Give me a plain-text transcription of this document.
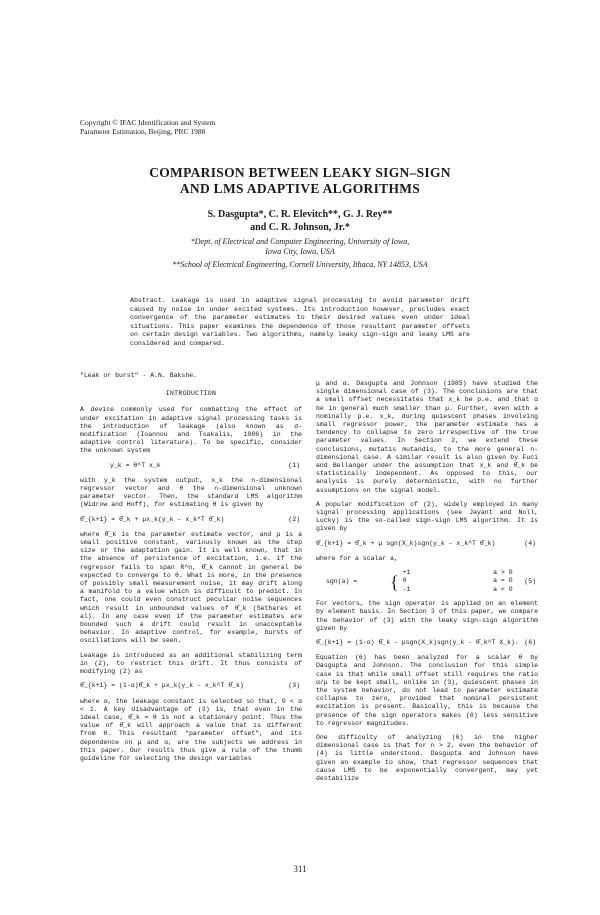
Copyright © IFAC Identification and System
Parameter Estimation, Beijing, PRC 1988
COMPARISON BETWEEN LEAKY SIGN–SIGN
AND LMS ADAPTIVE ALGORITHMS
S. Dasgupta*, C. R. Elevitch**, G. J. Rey**
and C. R. Johnson, Jr.*
*Dept. of Electrical and Computer Engineering, University of Iowa,
Iowa City, Iowa, USA
**School of Electrical Engineering, Cornell University, Ithaca, NY 14853, USA
Abstract. Leakage is used in adaptive signal processing to avoid parameter drift caused by noise in under excited systems. Its introduction however, precludes exact convergence of the parameter estimates to their desired values even under ideal situations. This paper examines the dependence of those resultant parameter offsets on certain design variables. Two algorithms, namely leaky sign-sign and leaky LMS are considered and compared.

"Leak or burst" - A.N. Bakshe.

INTRODUCTION

A device commonly used for combatting the effect of under excitation in adaptive signal processing tasks is the introduction of leakage (also known as σ-modification (Ioannou and Tsakalis, 1986) in the adaptive control literature). To be specific, consider the unknown system

y_k = θ^T x_k	(1)

with y_k the system output, x_k the n-dimensional regressor vector and θ the n-dimensional unknown parameter vector. Then, the standard LMS algorithm (Widrow and Hoff), for estimating θ is given by

θ̂_{k+1} = θ̂_k + μx_k(y_k - x_k^T θ̂_k)	(2)

where θ̂_k is the parameter estimate vector, and μ is a small positive constant, variously known as the step size or the adaptation gain. It is well known, that in the absence of persistence of excitation, i.e. if the regressor fails to span R^n, θ̂_k cannot in general be expected to converge to θ. What is more, in the presence of possibly small measurement noise, it may drift along a manifold to a value which is difficult to predict. In fact, one could even construct peculiar noise sequences which result in unbounded values of θ̂_k (Sethares et al). In any case even if the parameter estimates are bounded such a drift could result in unacceptable behavior. In adaptive control, for example, bursts of oscillations will be seen.

Leakage is introduced as an additional stabilizing term in (2), to restrict this drift. It thus consists of modifying (2) as

θ̂_{k+1} = (1-α)θ̂_k + μx_k(y_k - x_k^T θ̂_k)	(3)

where α, the leakage constant is selected so that, 0 < α < 1. A key disadvantage of (3) is, that even in the ideal case, θ̂_k = θ is not a stationary point. Thus the value of θ̂_k will approach a value that is different from θ. This resultant "parameter offset", and its dependence on μ and α, are the subjects we address in this paper. Our results thus give a rule of the thumb guideline for selecting the design variables

μ and α. Dasgupta and Johnson (1985) have studied the single dimensional case of (3). The conclusions are that a small offset necessitates that x_k be p.e. and that α be in general much smaller than μ. Further, even with a nominally p.e. x_k, during quiescent phases involving small regressor power, the parameter estimate has a tendency to collapse to zero irrespective of the true parameter values. In Section 2, we extend these conclusions, mutatis mutandis, to the more general n-dimensional case. A similar result is also given by Fuci and Bellanger under the assumption that x_k and θ̂_k be statistically independent. As opposed to this, our analysis is purely deterministic, with no further assumptions on the signal model.

A popular modification of (2), widely employed in many signal processing applications (see Jayant and Noll, Lucky) is the so-called sign-sign LMS algorithm. It is given by

θ̂_{k+1} = θ̂_k + μ sgn(X_k)sgn(y_k - x_k^T θ̂_k)	(4)

where for a scalar a,

sgn(a) =	{ +1	a > 0
0	a = 0
-1	a < 0
(5)

For vectors, the sign operator is applied on an element by element basis. In Section 3 of this paper, we compare the behavior of (3) with the leaky sign-sign algorithm given by

θ̂_{k+1} = (1-α) θ̂_k - μsgn(X_k)sgn(y_k - θ̂_k^T X_k). (6)

Equation (6) has been analyzed for a scalar θ by Dasgupta and Johnson. The conclusion for this simple case is that while small offset still requires the ratio α/μ to be kept small, unlike in (3), quiescent phases in the system behavior, do not lead to parameter estimate collapse to zero, provided that nominal persistent excitation is present. Basically, this is because the presence of the sign operators makes (6) less sensitive to regressor magnitudes.

One difficulty of analyzing (6) in the higher dimensional case is that for n > 2, even the behavior of (4) is little understood. Dasgupta and Johnson have given an example to show, that regressor sequences that cause LMS to be exponentially convergent, may yet destabilize

311
